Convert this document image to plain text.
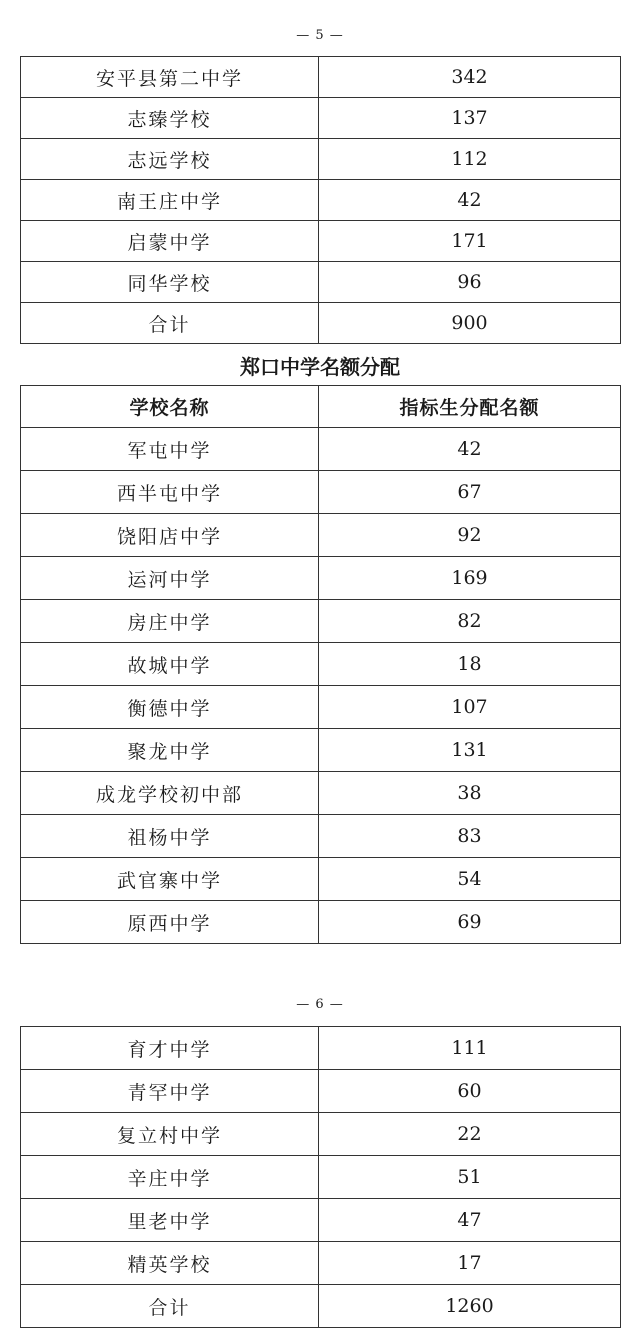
— 5 —
安平县第二中学	342
志臻学校	137
志远学校	112
南王庄中学	42
启蒙中学	171
同华学校	96
合计	900
郑口中学名额分配
学校名称	指标生分配名额
军屯中学	42
西半屯中学	67
饶阳店中学	92
运河中学	169
房庄中学	82
故城中学	18
衡德中学	107
聚龙中学	131
成龙学校初中部	38
祖杨中学	83
武官寨中学	54
原西中学	69
— 6 —
育才中学	111
青罕中学	60
复立村中学	22
辛庄中学	51
里老中学	47
精英学校	17
合计	1260
